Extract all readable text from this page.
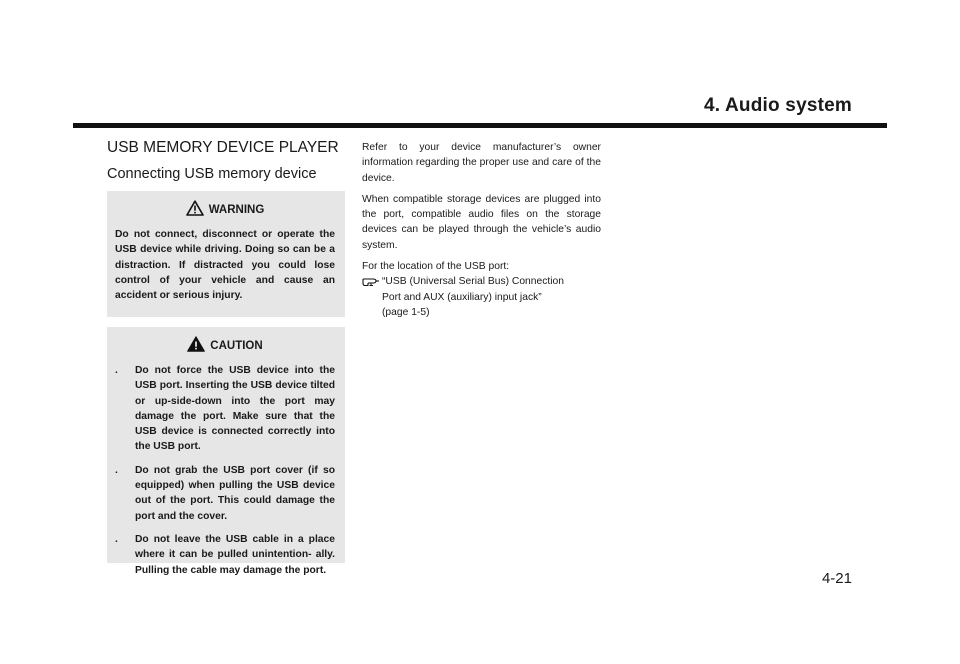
4. Audio system
USB MEMORY DEVICE PLAYER
Connecting USB memory device
WARNING

Do not connect, disconnect or operate the USB device while driving. Doing so can be a distraction. If distracted you could lose control of your vehicle and cause an accident or serious injury.

CAUTION
. Do not force the USB device into the USB port. Inserting the USB device tilted or up-side-down into the port may damage the port. Make sure that the USB device is connected correctly into the USB port.
. Do not grab the USB port cover (if so equipped) when pulling the USB device out of the port. This could damage the port and the cover.
. Do not leave the USB cable in a place where it can be pulled unintention- ally. Pulling the cable may damage the port.

Refer to your device manufacturer’s owner information regarding the proper use and care of the device.

When compatible storage devices are plugged into the port, compatible audio files on the storage devices can be played through the vehicle’s audio system.

For the location of the USB port:

“USB (Universal Serial Bus) Connection
Port and AUX (auxiliary) input jack”
(page 1-5)
4-21
